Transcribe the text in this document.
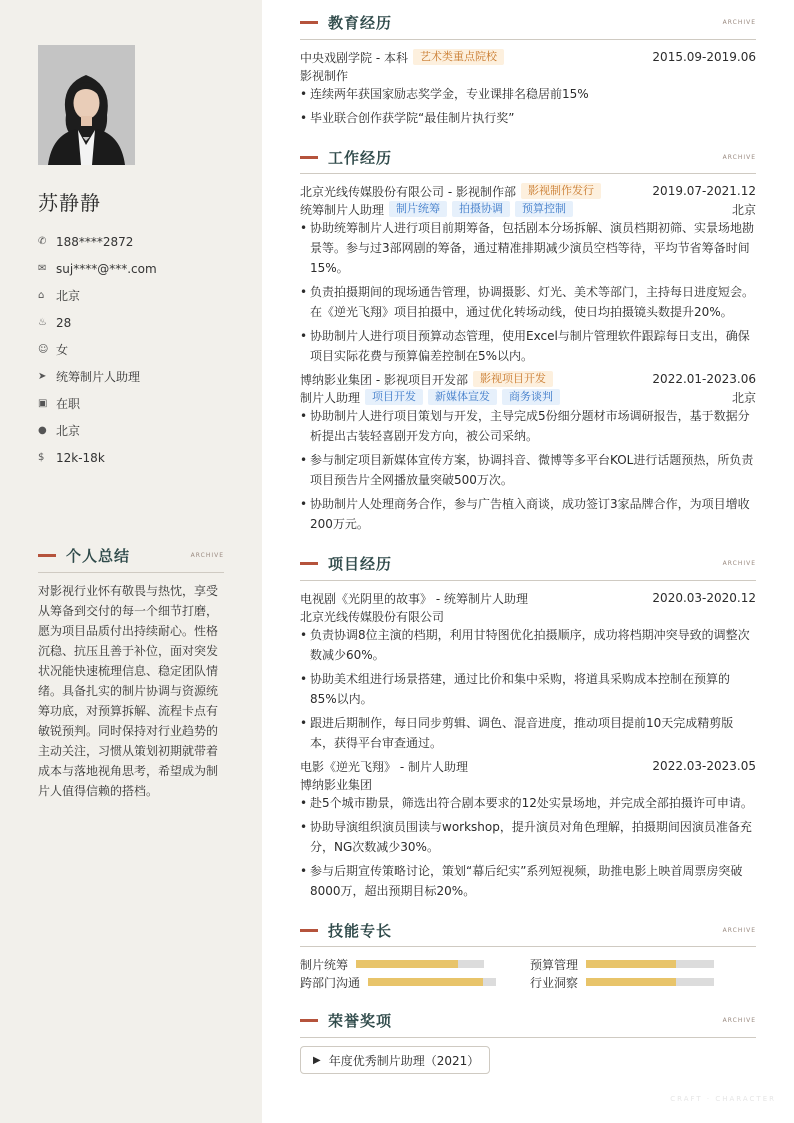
苏静静
✆ 188****2872
✉ suj****@***.com
⌂ 北京
♨ 28
☺ 女
➤ 统筹制片人助理
▣ 在职
● 北京
$ 12k-18k
个人总结	ARCHIVE
对影视行业怀有敬畏与热忱，享受从筹备到交付的每一个细节打磨，愿为项目品质付出持续耐心。性格沉稳、抗压且善于补位，面对突发状况能快速梳理信息、稳定团队情绪。具备扎实的制片协调与资源统筹功底，对预算拆解、流程卡点有敏锐预判。同时保持对行业趋势的主动关注，习惯从策划初期就带着成本与落地视角思考，希望成为制片人值得信赖的搭档。
教育经历	ARCHIVE
中央戏剧学院 - 本科	艺术类重点院校	2015.09-2019.06
影视制作
• 连续两年获国家励志奖学金，专业课排名稳居前15%
• 毕业联合创作获学院“最佳制片执行奖”
工作经历	ARCHIVE
北京光线传媒股份有限公司 - 影视制作部	影视制作发行	2019.07-2021.12
统筹制片人助理	制片统筹	拍摄协调	预算控制	北京
• 协助统筹制片人进行项目前期筹备，包括剧本分场拆解、演员档期初筛、实景场地勘景等。参与过3部网剧的筹备，通过精准排期减少演员空档等待，平均节省筹备时间15%。
• 负责拍摄期间的现场通告管理，协调摄影、灯光、美术等部门，主持每日进度短会。在《逆光飞翔》项目拍摄中，通过优化转场动线，使日均拍摄镜头数提升20%。
• 协助制片人进行项目预算动态管理，使用Excel与制片管理软件跟踪每日支出，确保项目实际花费与预算偏差控制在5%以内。
博纳影业集团 - 影视项目开发部	影视项目开发	2022.01-2023.06
制片人助理	项目开发	新媒体宣发	商务谈判	北京
• 协助制片人进行项目策划与开发，主导完成5份细分题材市场调研报告，基于数据分析提出古装轻喜剧开发方向，被公司采纳。
• 参与制定项目新媒体宣传方案，协调抖音、微博等多平台KOL进行话题预热，所负责项目预告片全网播放量突破500万次。
• 协助制片人处理商务合作，参与广告植入商谈，成功签订3家品牌合作，为项目增收200万元。
项目经历	ARCHIVE
电视剧《光阴里的故事》 - 统筹制片人助理	2020.03-2020.12
北京光线传媒股份有限公司
• 负责协调8位主演的档期，利用甘特图优化拍摄顺序，成功将档期冲突导致的调整次数减少60%。
• 协助美术组进行场景搭建，通过比价和集中采购，将道具采购成本控制在预算的85%以内。
• 跟进后期制作，每日同步剪辑、调色、混音进度，推动项目提前10天完成精剪版本，获得平台审查通过。
电影《逆光飞翔》 - 制片人助理	2022.03-2023.05
博纳影业集团
• 赴5个城市勘景，筛选出符合剧本要求的12处实景场地，并完成全部拍摄许可申请。
• 协助导演组织演员围读与workshop，提升演员对角色理解，拍摄期间因演员准备充分，NG次数减少30%。
• 参与后期宣传策略讨论，策划“幕后纪实”系列短视频，助推电影上映首周票房突破8000万，超出预期目标20%。
技能专长	ARCHIVE
制片统筹	预算管理
跨部门沟通	行业洞察
荣誉奖项	ARCHIVE
▶ 年度优秀制片助理（2021）
CRAFT · CHARACTER
